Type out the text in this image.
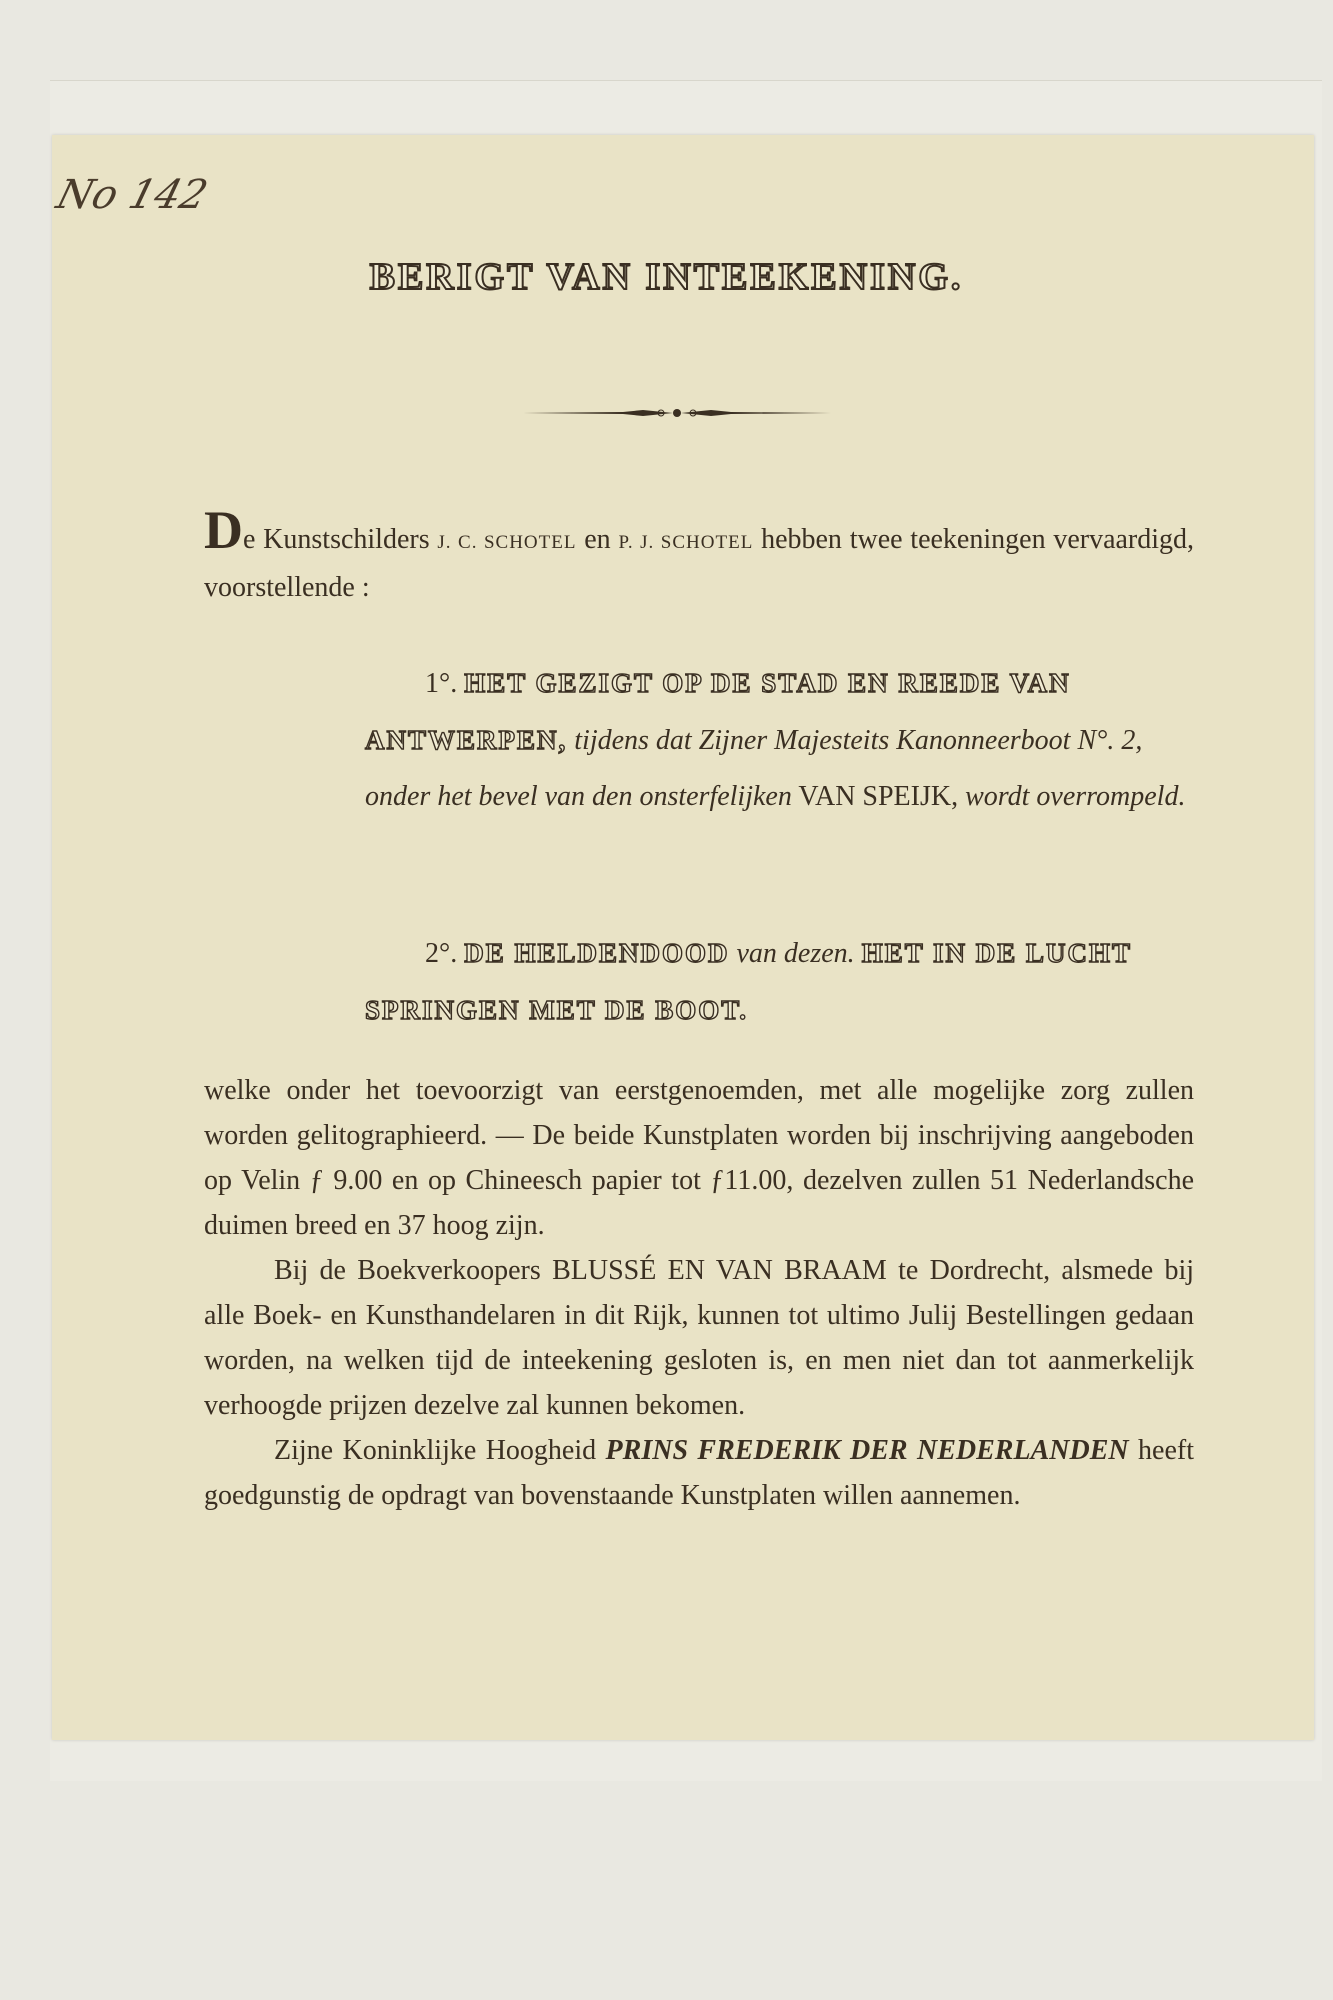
No 142
BERIGT VAN INTEEKENING.
De Kunstschilders J. C. SCHOTEL en P. J. SCHOTEL hebben twee teekeningen vervaardigd, voorstellende :
1°. HET GEZIGT OP DE STAD EN REEDE VAN ANTWERPEN, tijdens dat Zijner Majesteits Kanonneerboot N°. 2, onder het bevel van den onsterfelijken VAN SPEIJK, wordt overrompeld.
2°. DE HELDENDOOD van dezen. HET IN DE LUCHT SPRINGEN MET DE BOOT.
welke onder het toevoorzigt van eerstgenoemden, met alle mogelijke zorg zullen worden gelitographieerd. — De beide Kunstplaten worden bij inschrijving aangeboden op Velin ƒ 9.00 en op Chineesch papier tot ƒ11.00, dezelven zullen 51 Nederlandsche duimen breed en 37 hoog zijn.
Bij de Boekverkoopers BLUSSÉ EN VAN BRAAM te Dordrecht, alsmede bij alle Boek- en Kunsthandelaren in dit Rijk, kunnen tot ultimo Julij Bestellingen gedaan worden, na welken tijd de inteekening gesloten is, en men niet dan tot aanmerkelijk verhoogde prijzen dezelve zal kunnen bekomen.
Zijne Koninklijke Hoogheid PRINS FREDERIK DER NEDERLANDEN heeft goedgunstig de opdragt van bovenstaande Kunstplaten willen aannemen.
